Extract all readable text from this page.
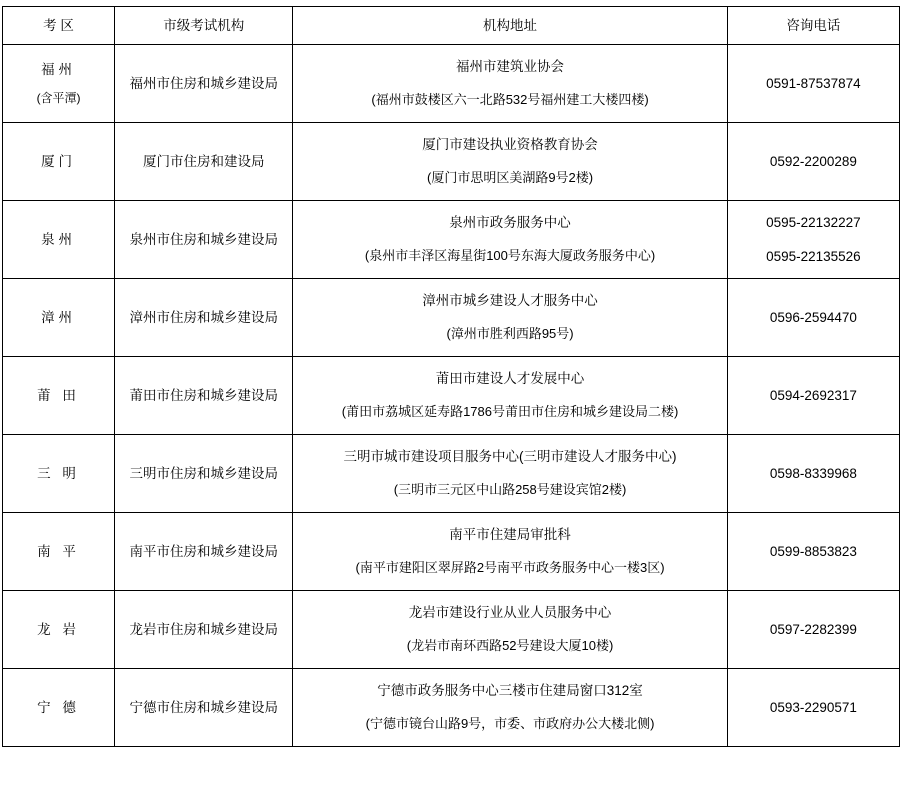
考 区	市级考试机构	机构地址	咨询电话

福州
(含平潭)	福州市住房和城乡建设局	福州市建筑业协会
(福州市鼓楼区六一北路532号福州建工大楼四楼)	0591-87537874

厦门	厦门市住房和建设局	厦门市建设执业资格教育协会
(厦门市思明区美湖路9号2楼)	0592-2200289

泉州	泉州市住房和城乡建设局	泉州市政务服务中心
(泉州市丰泽区海星街100号东海大厦政务服务中心)	0595-22132227
0595-22135526

漳州	漳州市住房和城乡建设局	漳州市城乡建设人才服务中心
(漳州市胜利西路95号)	0596-2594470

莆 田	莆田市住房和城乡建设局	莆田市建设人才发展中心
(莆田市荔城区延寿路1786号莆田市住房和城乡建设局二楼)	0594-2692317

三 明	三明市住房和城乡建设局	三明市城市建设项目服务中心(三明市建设人才服务中心)
(三明市三元区中山路258号建设宾馆2楼)	0598-8339968

南 平	南平市住房和城乡建设局	南平市住建局审批科
(南平市建阳区翠屏路2号南平市政务服务中心一楼3区)	0599-8853823

龙 岩	龙岩市住房和城乡建设局	龙岩市建设行业从业人员服务中心
(龙岩市南环西路52号建设大厦10楼)	0597-2282399

宁 德	宁德市住房和城乡建设局	宁德市政务服务中心三楼市住建局窗口312室
(宁德市镜台山路9号，市委、市政府办公大楼北侧)	0593-2290571
